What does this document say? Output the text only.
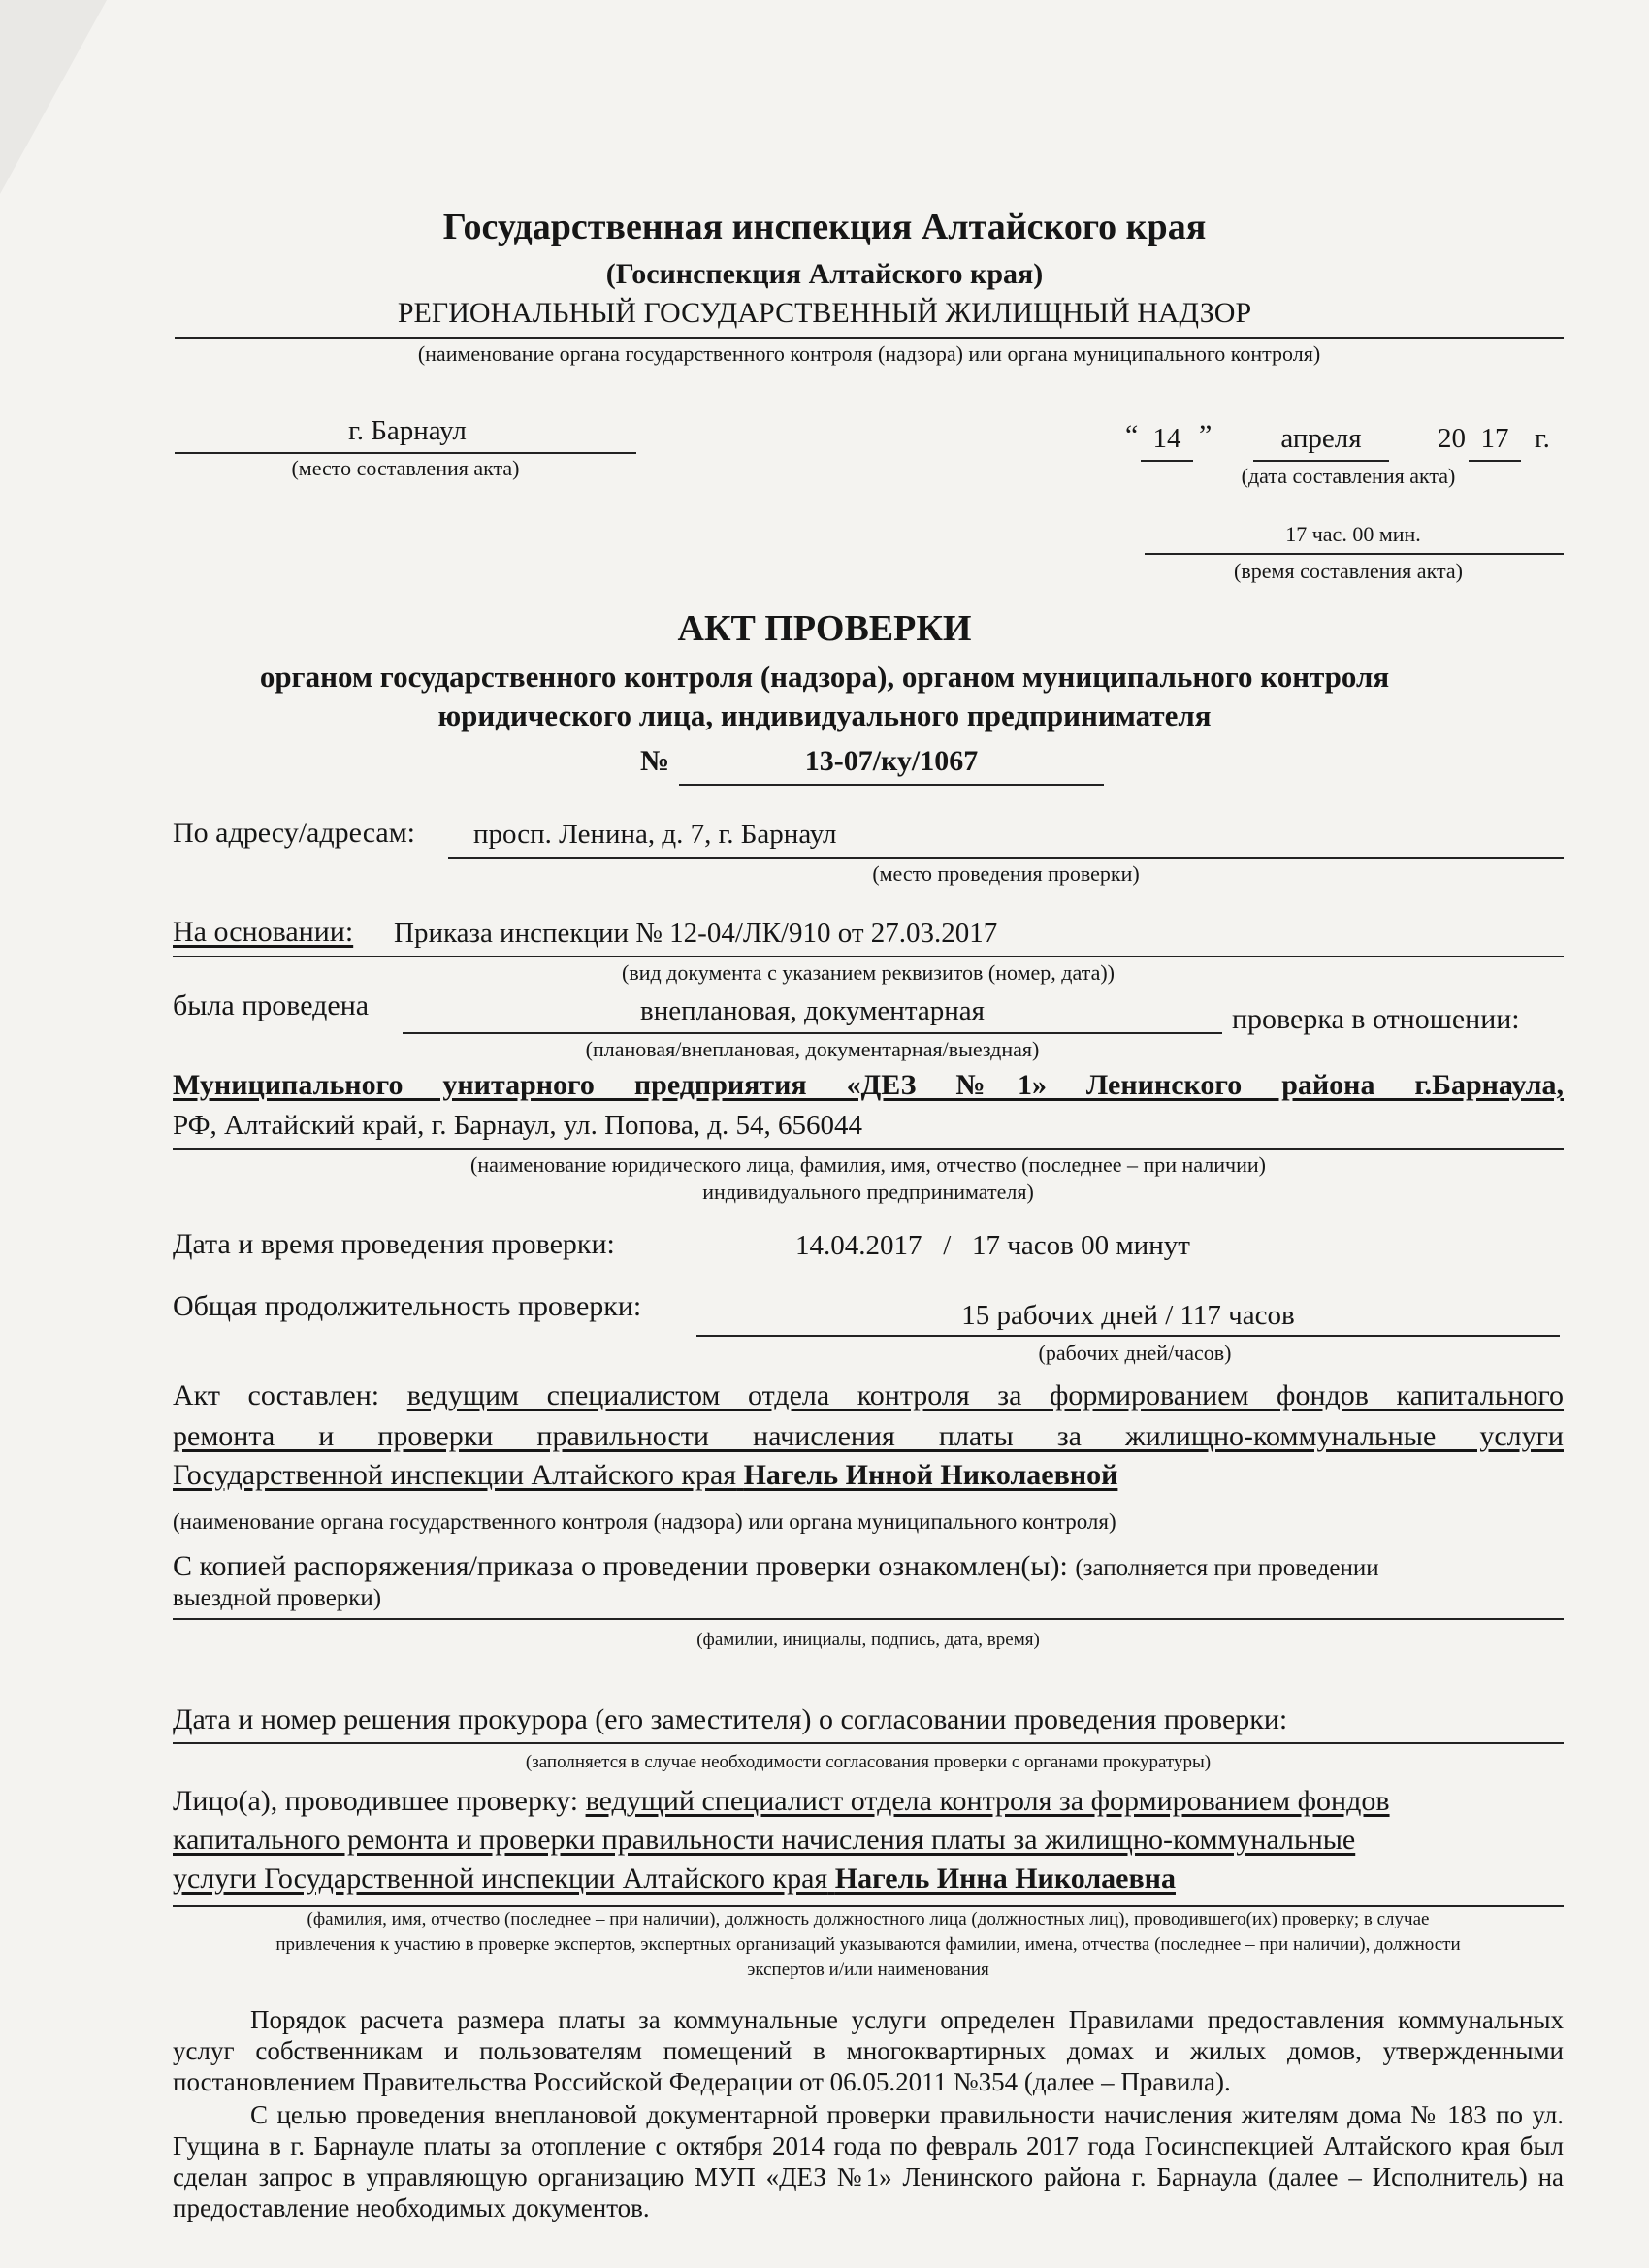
Государственная инспекция Алтайского края
(Госинспекция Алтайского края)
РЕГИОНАЛЬНЫЙ ГОСУДАРСТВЕННЫЙ ЖИЛИЩНЫЙ НАДЗОР
(наименование органа государственного контроля (надзора) или органа муниципального контроля)
г. Барнаул
(место составления акта)
“ 14 ”	апреля	20 17 г.
(дата составления акта)
17 час. 00 мин.
(время составления акта)
АКТ ПРОВЕРКИ
органом государственного контроля (надзора), органом муниципального контроля
юридического лица, индивидуального предпринимателя
№	13-07/ку/1067
По адресу/адресам: просп. Ленина, д. 7, г. Барнаул
(место проведения проверки)
На основании: Приказа инспекции № 12-04/ЛК/910 от 27.03.2017
(вид документа с указанием реквизитов (номер, дата))
была проведена	внеплановая, документарная	проверка в отношении:
(плановая/внеплановая, документарная/выездная)
Муниципального унитарного предприятия «ДЕЗ №1» Ленинского района г.Барнаула,
РФ, Алтайский край, г. Барнаул, ул. Попова, д. 54, 656044
(наименование юридического лица, фамилия, имя, отчество (последнее – при наличии)
индивидуального предпринимателя)
Дата и время проведения проверки:	14.04.2017   /   17 часов 00 минут
Общая продолжительность проверки:	15 рабочих дней / 117 часов
(рабочих дней/часов)
Акт составлен: ведущим специалистом отдела контроля за формированием фондов капитального
ремонта и проверки правильности начисления платы за жилищно-коммунальные услуги
Государственной инспекции Алтайского края Нагель Инной Николаевной
(наименование органа государственного контроля (надзора) или органа муниципального контроля)
С копией распоряжения/приказа о проведении проверки ознакомлен(ы): (заполняется при проведении
выездной проверки)
(фамилии, инициалы, подпись, дата, время)
Дата и номер решения прокурора (его заместителя) о согласовании проведения проверки:
(заполняется в случае необходимости согласования проверки с органами прокуратуры)
Лицо(а), проводившее проверку: ведущий специалист отдела контроля за формированием фондов
капитального ремонта и проверки правильности начисления платы за жилищно-коммунальные
услуги Государственной инспекции Алтайского края Нагель Инна Николаевна
(фамилия, имя, отчество (последнее – при наличии), должность должностного лица (должностных лиц), проводившего(их) проверку; в случае
привлечения к участию в проверке экспертов, экспертных организаций указываются фамилии, имена, отчества (последнее – при наличии), должности
экспертов и/или наименования
Порядок расчета размера платы за коммунальные услуги определен Правилами предоставления коммунальных услуг собственникам и пользователям помещений в многоквартирных домах и жилых домов, утвержденными постановлением Правительства Российской Федерации от 06.05.2011 №354 (далее – Правила).
С целью проведения внеплановой документарной проверки правильности начисления жителям дома № 183 по ул. Гущина в г. Барнауле платы за отопление с октября 2014 года по февраль 2017 года Госинспекцией Алтайского края был сделан запрос в управляющую организацию МУП «ДЕЗ №1» Ленинского района г. Барнаула (далее – Исполнитель) на предоставление необходимых документов.
